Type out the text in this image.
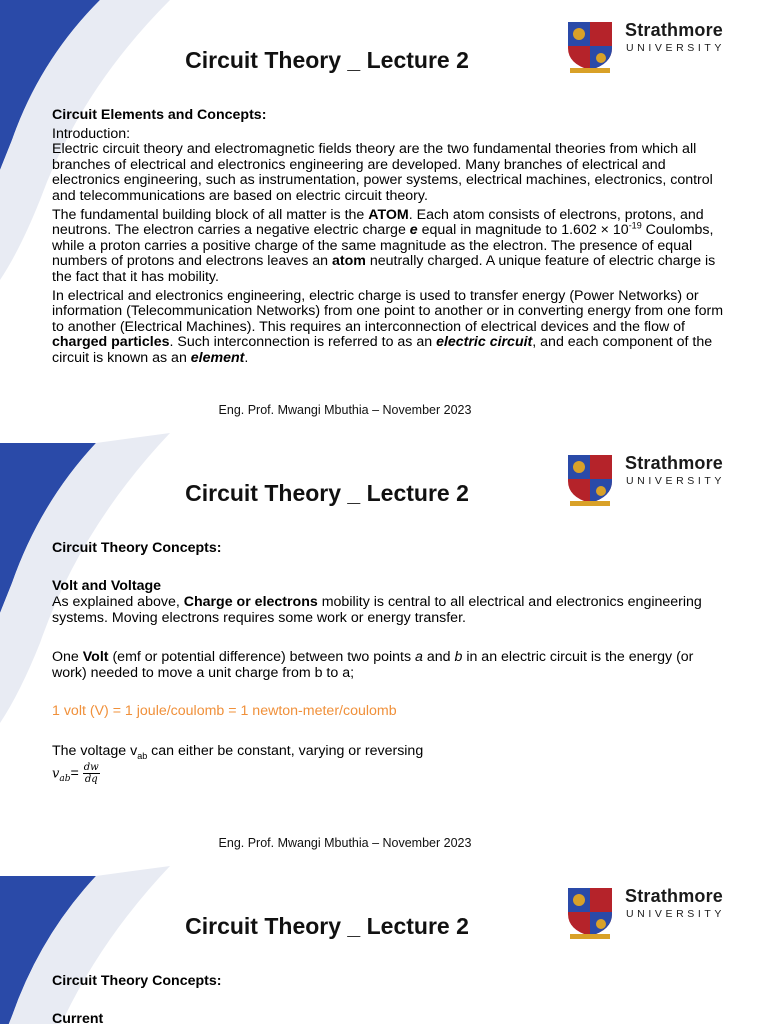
Circuit Theory _ Lecture 2
Strathmore
UNIVERSITY

Circuit Elements and Concepts:

Introduction:

Electric circuit theory and electromagnetic fields theory are the two fundamental theories from which all branches of electrical and electronics engineering are developed. Many branches of electrical and electronics engineering, such as instrumentation, power systems, electrical machines, electronics, control and telecommunications are based on electric circuit theory.

The fundamental building block of all matter is the ATOM. Each atom consists of electrons, protons, and neutrons. The electron carries a negative electric charge e equal in magnitude to $1.602 \times 10^{-19}$ Coulombs, while a proton carries a positive charge of the same magnitude as the electron. The presence of equal numbers of protons and electrons leaves an atom neutrally charged. A unique feature of electric charge is the fact that it has mobility.

In electrical and electronics engineering, electric charge is used to transfer energy (Power Networks) or information (Telecommunication Networks) from one point to another or in converting energy from one form to another (Electrical Machines). This requires an interconnection of electrical devices and the flow of charged particles. Such interconnection is referred to as an electric circuit, and each component of the circuit is known as an element.

Eng. Prof. Mwangi Mbuthia – November 2023
Circuit Theory _ Lecture 2
Strathmore
UNIVERSITY

Circuit Theory Concepts:

Volt and Voltage

As explained above, Charge or electrons mobility is central to all electrical and electronics engineering systems. Moving electrons requires some work or energy transfer.

One Volt (emf or potential difference) between two points a and b in an electric circuit is the energy (or work) needed to move a unit charge from b to a;

1 volt (V) = 1 joule/coulomb = 1 newton-meter/coulomb

The voltage $v_{ab}$ can either be constant, varying or reversing

$v_{ab}= \frac{dw}{dq}$
Eng. Prof. Mwangi Mbuthia – November 2023
Circuit Theory _ Lecture 2
Strathmore
UNIVERSITY

Circuit Theory Concepts:

Current
